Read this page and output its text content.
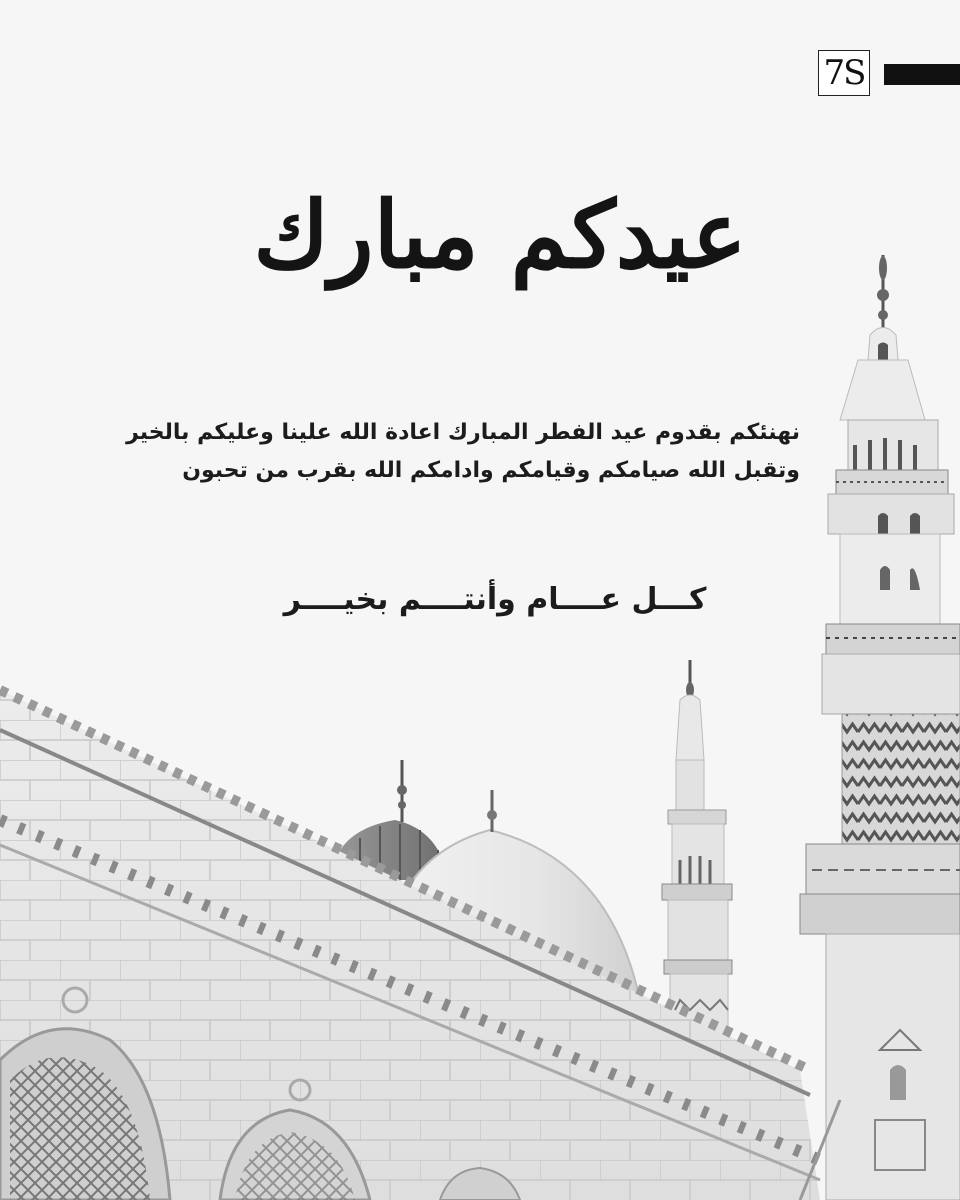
7S
عيدكم مبارك
نهنئكم بقدوم عيد الفطر المبارك اعادة الله علينا وعليكم بالخير
وتقبل الله صيامكم وقيامكم وادامكم الله بقرب من تحبون
كـــل عــــام وأنتــــم بخيــــر
